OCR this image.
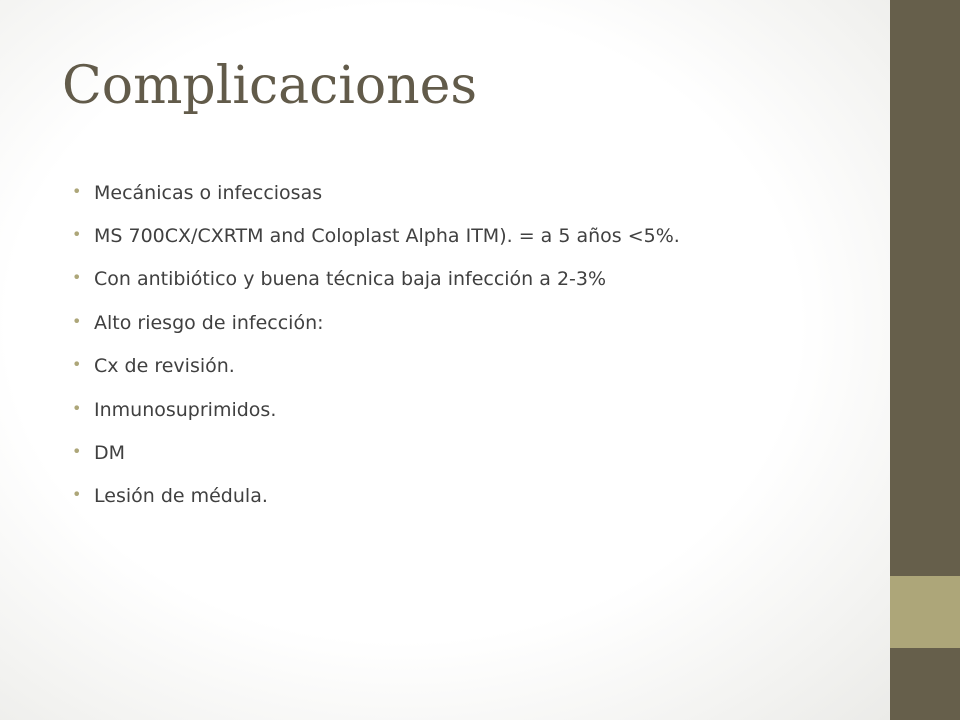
Complicaciones
• Mecánicas o infecciosas
• MS 700CX/CXRTM and Coloplast Alpha ITM). = a 5 años <5%.
• Con antibiótico y buena técnica baja infección a 2-3%
• Alto riesgo de infección:
• Cx de revisión.
• Inmunosuprimidos.
• DM
• Lesión de médula.
